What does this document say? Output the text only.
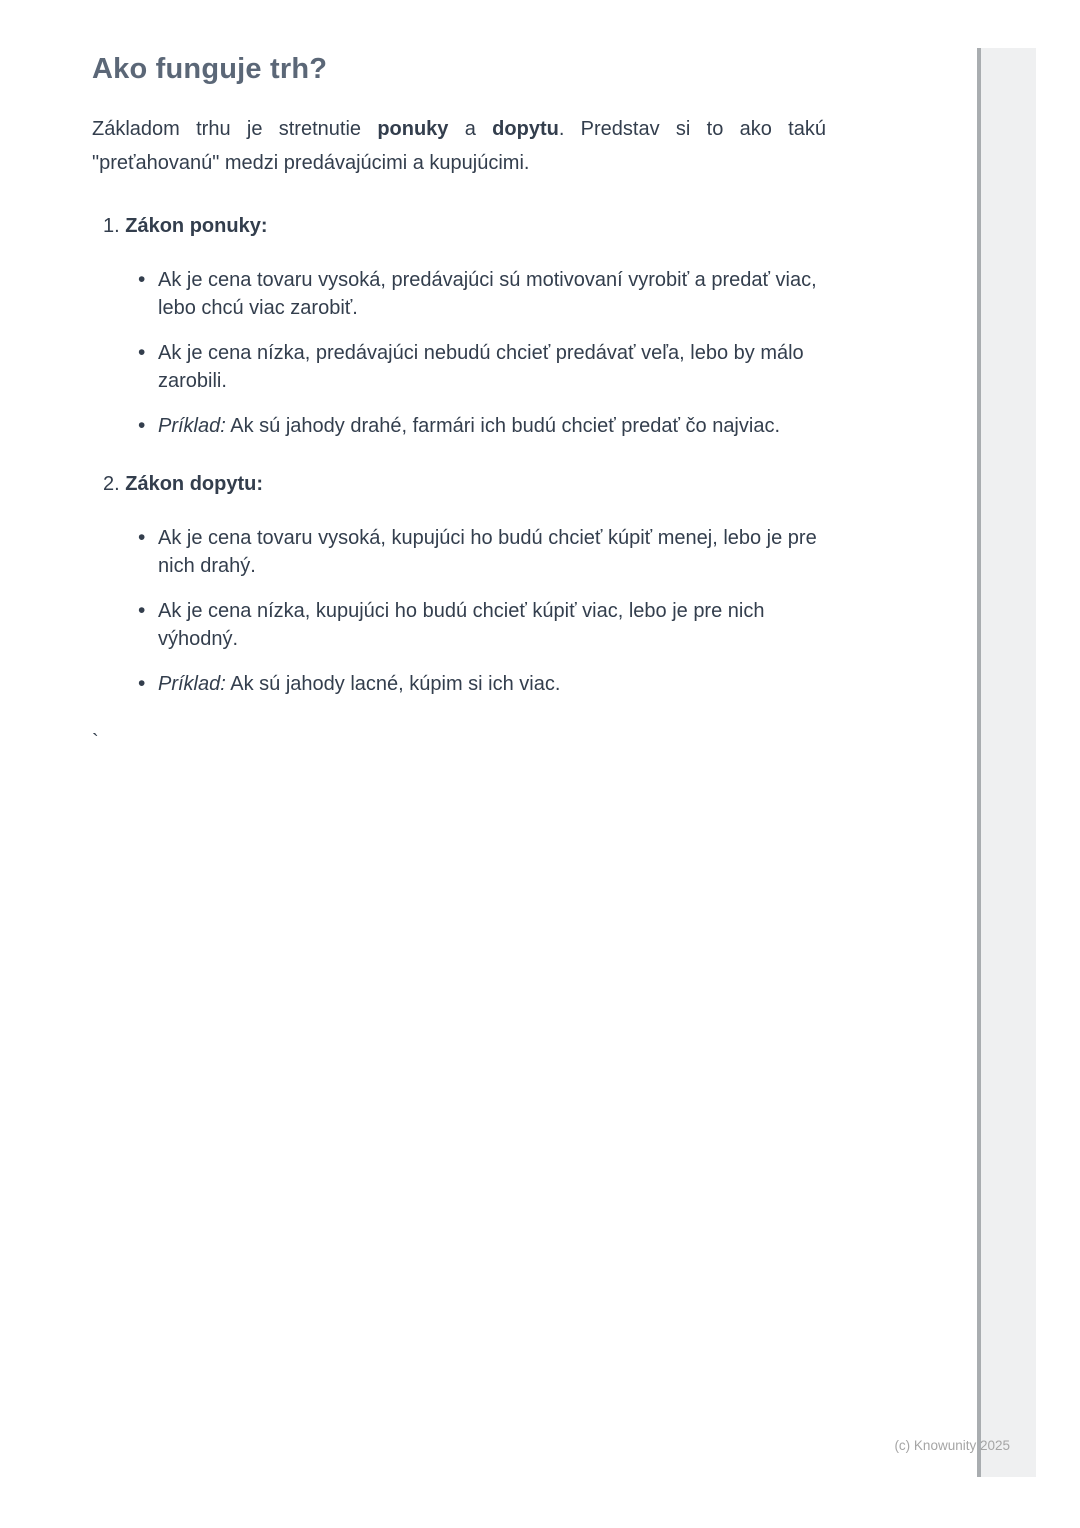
Ako funguje trh?

Základom trhu je stretnutie ponuky a dopytu. Predstav si to ako takú "preťahovanú" medzi predávajúcimi a kupujúcimi.

1. Zákon ponuky:
• Ak je cena tovaru vysoká, predávajúci sú motivovaní vyrobiť a predať viac, lebo chcú viac zarobiť.
• Ak je cena nízka, predávajúci nebudú chcieť predávať veľa, lebo by málo zarobili.
• Príklad: Ak sú jahody drahé, farmári ich budú chcieť predať čo najviac.
2. Zákon dopytu:
• Ak je cena tovaru vysoká, kupujúci ho budú chcieť kúpiť menej, lebo je pre nich drahý.
• Ak je cena nízka, kupujúci ho budú chcieť kúpiť viac, lebo je pre nich výhodný.
• Príklad: Ak sú jahody lacné, kúpim si ich viac.
`
(c) Knowunity 2025
